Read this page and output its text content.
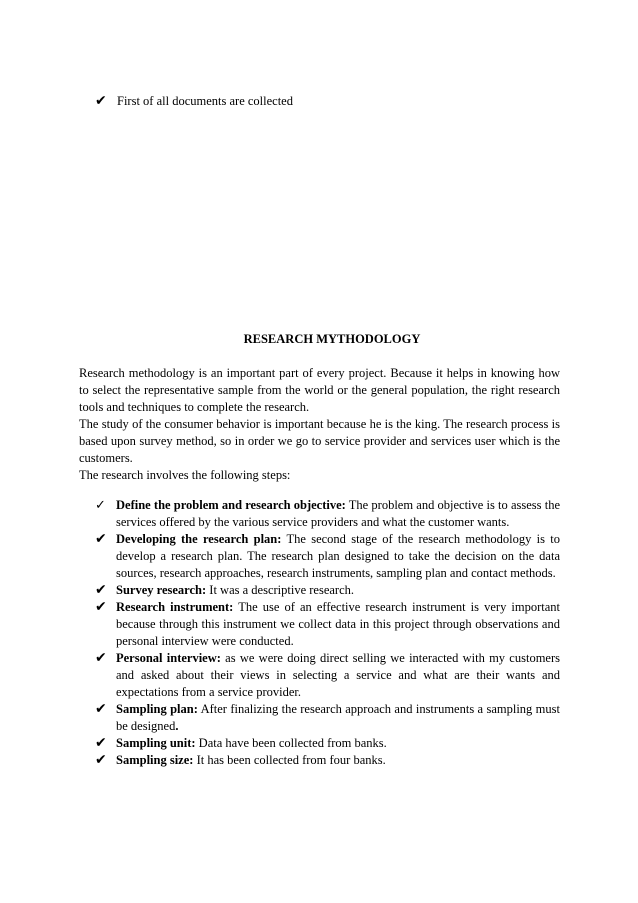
✔ First of all documents are collected
RESEARCH MYTHODOLOGY

Research methodology is an important part of every project. Because it helps in knowing how to select the representative sample from the world or the general population, the right research tools and techniques to complete the research.

The study of the consumer behavior is important because he is the king. The research process is based upon survey method, so in order we go to service provider and services user which is the customers.

The research involves the following steps:

✓ Define the problem and research objective: The problem and objective is to assess the services offered by the various service providers and what the customer wants.
✔ Developing the research plan: The second stage of the research methodology is to develop a research plan. The research plan designed to take the decision on the data sources, research approaches, research instruments, sampling plan and contact methods.
✔ Survey research: It was a descriptive research.
✔ Research instrument: The use of an effective research instrument is very important because through this instrument we collect data in this project through observations and personal interview were conducted.
✔ Personal interview: as we were doing direct selling we interacted with my customers and asked about their views in selecting a service and what are their wants and expectations from a service provider.
✔ Sampling plan: After finalizing the research approach and instruments a sampling must be designed.
✔ Sampling unit: Data have been collected from banks.
✔ Sampling size: It has been collected from four banks.
